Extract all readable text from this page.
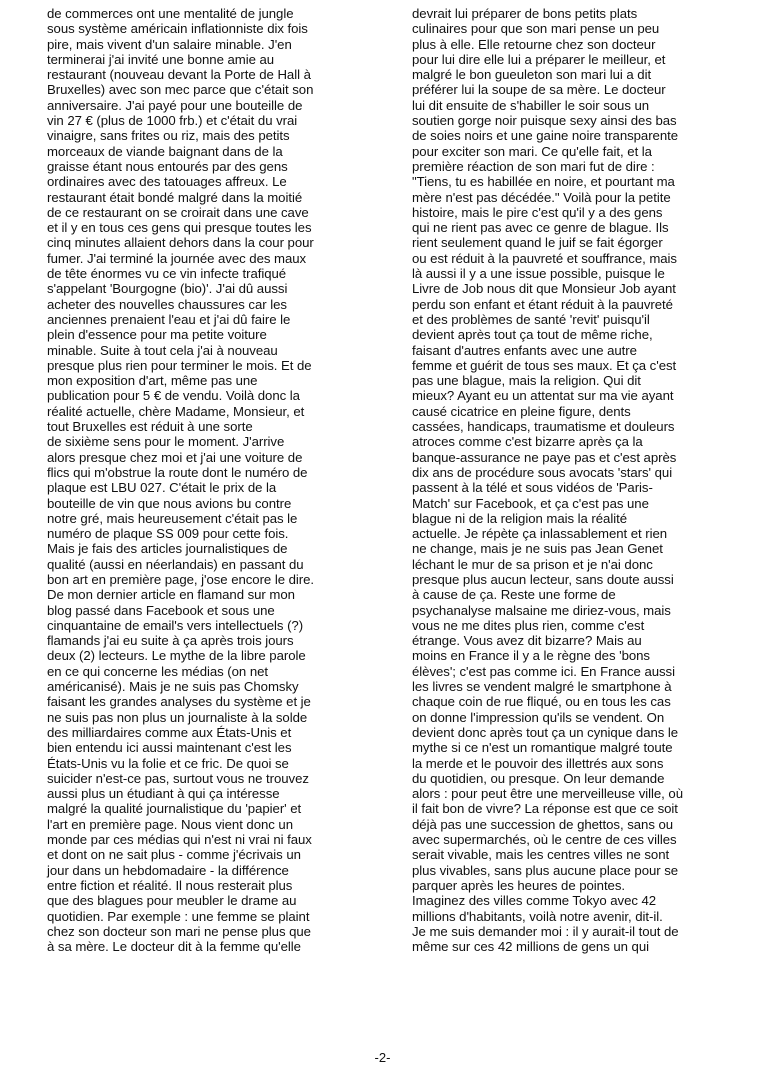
de commerces ont une mentalité de jungle
sous système américain inflationniste dix fois
pire, mais vivent d'un salaire minable. J'en
terminerai j'ai invité une bonne amie au
restaurant (nouveau devant la Porte de Hall à
Bruxelles) avec son mec parce que c'était son
anniversaire. J'ai payé pour une bouteille de
vin 27 € (plus de 1000 frb.) et c'était du vrai
vinaigre, sans frites ou riz, mais des petits
morceaux de viande baignant dans de la
graisse étant nous entourés par des gens
ordinaires avec des tatouages affreux. Le
restaurant était bondé malgré dans la moitié
de ce restaurant on se croirait dans une cave
et il y en tous ces gens qui presque toutes les
cinq minutes allaient dehors dans la cour pour
fumer. J'ai terminé la journée avec des maux
de tête énormes vu ce vin infecte trafiqué
s'appelant 'Bourgogne (bio)'. J'ai dû aussi
acheter des nouvelles chaussures car les
anciennes prenaient l'eau et j'ai dû faire le
plein d'essence pour ma petite voiture
minable. Suite à tout cela j'ai à nouveau
presque plus rien pour terminer le mois. Et de
mon exposition d'art, même pas une
publication pour 5 € de vendu. Voilà donc la
réalité actuelle, chère Madame, Monsieur, et
tout Bruxelles est réduit à une sorte
de sixième sens pour le moment. J'arrive
alors presque chez moi et j'ai une voiture de
flics qui m'obstrue la route dont le numéro de
plaque est LBU 027. C'était le prix de la
bouteille de vin que nous avions bu contre
notre gré, mais heureusement c'était pas le
numéro de plaque SS 009 pour cette fois.
Mais je fais des articles journalistiques de
qualité (aussi en néerlandais) en passant du
bon art en première page, j'ose encore le dire.
De mon dernier article en flamand sur mon
blog passé dans Facebook et sous une
cinquantaine de email's vers intellectuels (?)
flamands j'ai eu suite à ça après trois jours
deux (2) lecteurs. Le mythe de la libre parole
en ce qui concerne les médias (on net
américanisé). Mais je ne suis pas Chomsky
faisant les grandes analyses du système et je
ne suis pas non plus un journaliste à la solde
des milliardaires comme aux États-Unis et
bien entendu ici aussi maintenant c'est les
États-Unis vu la folie et ce fric. De quoi se
suicider n'est-ce pas, surtout vous ne trouvez
aussi plus un étudiant à qui ça intéresse
malgré la qualité journalistique du 'papier' et
l'art en première page. Nous vient donc un
monde par ces médias qui n'est ni vrai ni faux
et dont on ne sait plus - comme j'écrivais un
jour dans un hebdomadaire - la différence
entre fiction et réalité. Il nous resterait plus
que des blagues pour meubler le drame au
quotidien. Par exemple : une femme se plaint
chez son docteur son mari ne pense plus que
à sa mère. Le docteur dit à la femme qu'elle
devrait lui préparer de bons petits plats
culinaires pour que son mari pense un peu
plus à elle. Elle retourne chez son docteur
pour lui dire elle lui a préparer le meilleur, et
malgré le bon gueuleton son mari lui a dit
préférer lui la soupe de sa mère. Le docteur
lui dit ensuite de s'habiller le soir sous un
soutien gorge noir puisque sexy ainsi des bas
de soies noirs et une gaine noire transparente
pour exciter son mari. Ce qu'elle fait, et la
première réaction de son mari fut de dire :
"Tiens, tu es habillée en noire, et pourtant ma
mère n'est pas décédée." Voilà pour la petite
histoire, mais le pire c'est qu'il y a des gens
qui ne rient pas avec ce genre de blague. Ils
rient seulement quand le juif se fait égorger
ou est réduit à la pauvreté et souffrance, mais
là aussi il y a une issue possible, puisque le
Livre de Job nous dit que Monsieur Job ayant
perdu son enfant et étant réduit à la pauvreté
et des problèmes de santé 'revit' puisqu'il
devient après tout ça tout de même riche,
faisant d'autres enfants avec une autre
femme et guérit de tous ses maux. Et ça c'est
pas une blague, mais la religion. Qui dit
mieux? Ayant eu un attentat sur ma vie ayant
causé cicatrice en pleine figure, dents
cassées, handicaps, traumatisme et douleurs
atroces comme c'est bizarre après ça la
banque-assurance ne paye pas et c'est après
dix ans de procédure sous avocats 'stars' qui
passent à la télé et sous vidéos de 'Paris-
Match' sur Facebook, et ça c'est pas une
blague ni de la religion mais la réalité
actuelle. Je répète ça inlassablement et rien
ne change, mais je ne suis pas Jean Genet
léchant le mur de sa prison et je n'ai donc
presque plus aucun lecteur, sans doute aussi
à cause de ça. Reste une forme de
psychanalyse malsaine me diriez-vous, mais
vous ne me dites plus rien, comme c'est
étrange. Vous avez dit bizarre? Mais au
moins en France il y a le règne des 'bons
élèves'; c'est pas comme ici. En France aussi
les livres se vendent malgré le smartphone à
chaque coin de rue fliqué, ou en tous les cas
on donne l'impression qu'ils se vendent. On
devient donc après tout ça un cynique dans le
mythe si ce n'est un romantique malgré toute
la merde et le pouvoir des illettrés aux sons
du quotidien, ou presque. On leur demande
alors : pour peut être une merveilleuse ville, où
il fait bon de vivre? La réponse est que ce soit
déjà pas une succession de ghettos, sans ou
avec supermarchés, où le centre de ces villes
serait vivable, mais les centres villes ne sont
plus vivables, sans plus aucune place pour se
parquer après les heures de pointes.
Imaginez des villes comme Tokyo avec 42
millions d'habitants, voilà notre avenir, dit-il.
Je me suis demander moi : il y aurait-il tout de
même sur ces 42 millions de gens un qui
-2-
